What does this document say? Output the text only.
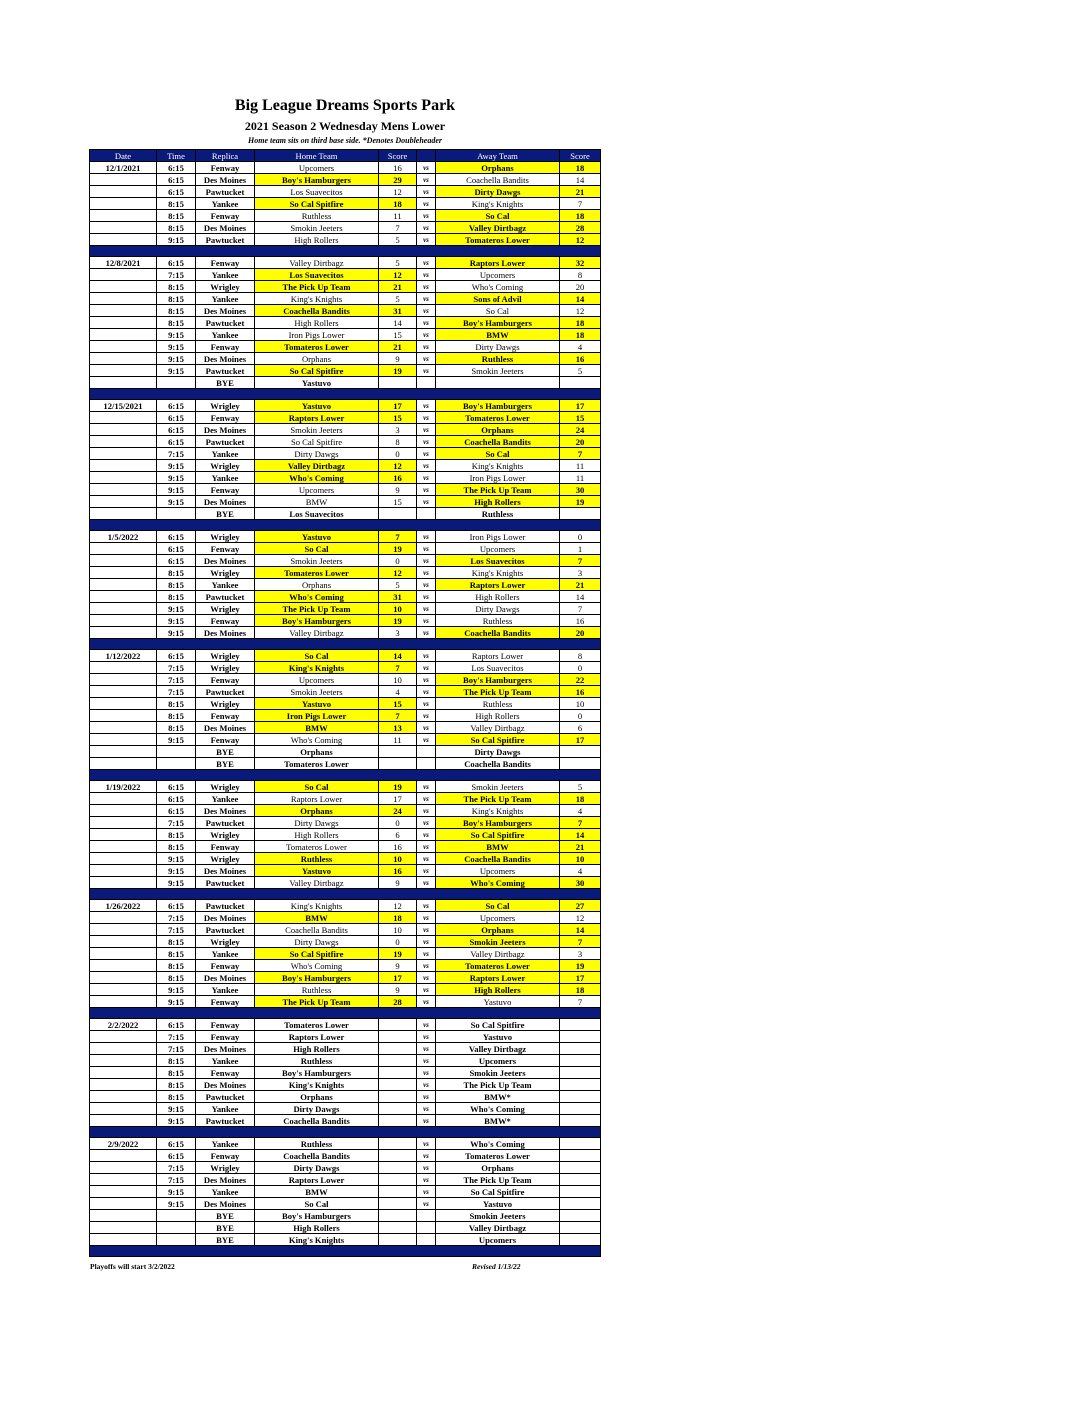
Big League Dreams Sports Park
2021 Season 2 Wednesday Mens Lower
Home team sits on third base side. *Denotes Doubleheader
Date	Time	Replica	Home Team	Score		Away Team	Score
12/1/2021	6:15	Fenway	Upcomers	16	vs	Orphans	18
	6:15	Des Moines	Boy's Hamburgers	29	vs	Coachella Bandits	14
	6:15	Pawtucket	Los Suavecitos	12	vs	Dirty Dawgs	21
	8:15	Yankee	So Cal Spitfire	18	vs	King's Knights	7
	8:15	Fenway	Ruthless	11	vs	So Cal	18
	8:15	Des Moines	Smokin Jeeters	7	vs	Valley Dirtbagz	28
	9:15	Pawtucket	High Rollers	5	vs	Tomateros Lower	12

12/8/2021	6:15	Fenway	Valley Dirtbagz	5	vs	Raptors Lower	32
	7:15	Yankee	Los Suavecitos	12	vs	Upcomers	8
	8:15	Wrigley	The Pick Up Team	21	vs	Who's Coming	20
	8:15	Yankee	King's Knights	5	vs	Sons of Advil	14
	8:15	Des Moines	Coachella Bandits	31	vs	So Cal	12
	8:15	Pawtucket	High Rollers	14	vs	Boy's Hamburgers	18
	9:15	Yankee	Iron Pigs Lower	15	vs	BMW	18
	9:15	Fenway	Tomateros Lower	21	vs	Dirty Dawgs	4
	9:15	Des Moines	Orphans	9	vs	Ruthless	16
	9:15	Pawtucket	So Cal Spitfire	19	vs	Smokin Jeeters	5
		BYE	Yastuvo				

12/15/2021	6:15	Wrigley	Yastuvo	17	vs	Boy's Hamburgers	17
	6:15	Fenway	Raptors Lower	15	vs	Tomateros Lower	15
	6:15	Des Moines	Smokin Jeeters	3	vs	Orphans	24
	6:15	Pawtucket	So Cal Spitfire	8	vs	Coachella Bandits	20
	7:15	Yankee	Dirty Dawgs	0	vs	So Cal	7
	9:15	Wrigley	Valley Dirtbagz	12	vs	King's Knights	11
	9:15	Yankee	Who's Coming	16	vs	Iron Pigs Lower	11
	9:15	Fenway	Upcomers	9	vs	The Pick Up Team	30
	9:15	Des Moines	BMW	15	vs	High Rollers	19
		BYE	Los Suavecitos			Ruthless	

1/5/2022	6:15	Wrigley	Yastuvo	7	vs	Iron Pigs Lower	0
	6:15	Fenway	So Cal	19	vs	Upcomers	1
	6:15	Des Moines	Smokin Jeeters	0	vs	Los Suavecitos	7
	8:15	Wrigley	Tomateros Lower	12	vs	King's Knights	3
	8:15	Yankee	Orphans	5	vs	Raptors Lower	21
	8:15	Pawtucket	Who's Coming	31	vs	High Rollers	14
	9:15	Wrigley	The Pick Up Team	10	vs	Dirty Dawgs	7
	9:15	Fenway	Boy's Hamburgers	19	vs	Ruthless	16
	9:15	Des Moines	Valley Dirtbagz	3	vs	Coachella Bandits	20

1/12/2022	6:15	Wrigley	So Cal	14	vs	Raptors Lower	8
	7:15	Wrigley	King's Knights	7	vs	Los Suavecitos	0
	7:15	Fenway	Upcomers	10	vs	Boy's Hamburgers	22
	7:15	Pawtucket	Smokin Jeeters	4	vs	The Pick Up Team	16
	8:15	Wrigley	Yastuvo	15	vs	Ruthless	10
	8:15	Fenway	Iron Pigs Lower	7	vs	High Rollers	0
	8:15	Des Moines	BMW	13	vs	Valley Dirtbagz	6
	9:15	Fenway	Who's Coming	11	vs	So Cal Spitfire	17
		BYE	Orphans			Dirty Dawgs	
		BYE	Tomateros Lower			Coachella Bandits	

1/19/2022	6:15	Wrigley	So Cal	19	vs	Smokin Jeeters	5
	6:15	Yankee	Raptors Lower	17	vs	The Pick Up Team	18
	6:15	Des Moines	Orphans	24	vs	King's Knights	4
	7:15	Pawtucket	Dirty Dawgs	0	vs	Boy's Hamburgers	7
	8:15	Wrigley	High Rollers	6	vs	So Cal Spitfire	14
	8:15	Fenway	Tomateros Lower	16	vs	BMW	21
	9:15	Wrigley	Ruthless	10	vs	Coachella Bandits	10
	9:15	Des Moines	Yastuvo	16	vs	Upcomers	4
	9:15	Pawtucket	Valley Dirtbagz	9	vs	Who's Coming	30

1/26/2022	6:15	Pawtucket	King's Knights	12	vs	So Cal	27
	7:15	Des Moines	BMW	18	vs	Upcomers	12
	7:15	Pawtucket	Coachella Bandits	10	vs	Orphans	14
	8:15	Wrigley	Dirty Dawgs	0	vs	Smokin Jeeters	7
	8:15	Yankee	So Cal Spitfire	19	vs	Valley Dirtbagz	3
	8:15	Fenway	Who's Coming	9	vs	Tomateros Lower	19
	8:15	Des Moines	Boy's Hamburgers	17	vs	Raptors Lower	17
	9:15	Yankee	Ruthless	9	vs	High Rollers	18
	9:15	Fenway	The Pick Up Team	28	vs	Yastuvo	7

2/2/2022	6:15	Fenway	Tomateros Lower		vs	So Cal Spitfire	
	7:15	Fenway	Raptors Lower		vs	Yastuvo	
	7:15	Des Moines	High Rollers		vs	Valley Dirtbagz	
	8:15	Yankee	Ruthless		vs	Upcomers	
	8:15	Fenway	Boy's Hamburgers		vs	Smokin Jeeters	
	8:15	Des Moines	King's Knights		vs	The Pick Up Team	
	8:15	Pawtucket	Orphans		vs	BMW*	
	9:15	Yankee	Dirty Dawgs		vs	Who's Coming	
	9:15	Pawtucket	Coachella Bandits		vs	BMW*	

2/9/2022	6:15	Yankee	Ruthless		vs	Who's Coming	
	6:15	Fenway	Coachella Bandits		vs	Tomateros Lower	
	7:15	Wrigley	Dirty Dawgs		vs	Orphans	
	7:15	Des Moines	Raptors Lower		vs	The Pick Up Team	
	9:15	Yankee	BMW		vs	So Cal Spitfire	
	9:15	Des Moines	So Cal		vs	Yastuvo	
		BYE	Boy's Hamburgers			Smokin Jeeters	
		BYE	High Rollers			Valley Dirtbagz	
		BYE	King's Knights			Upcomers	

Playoffs will start 3/2/2022	Revised 1/13/22
